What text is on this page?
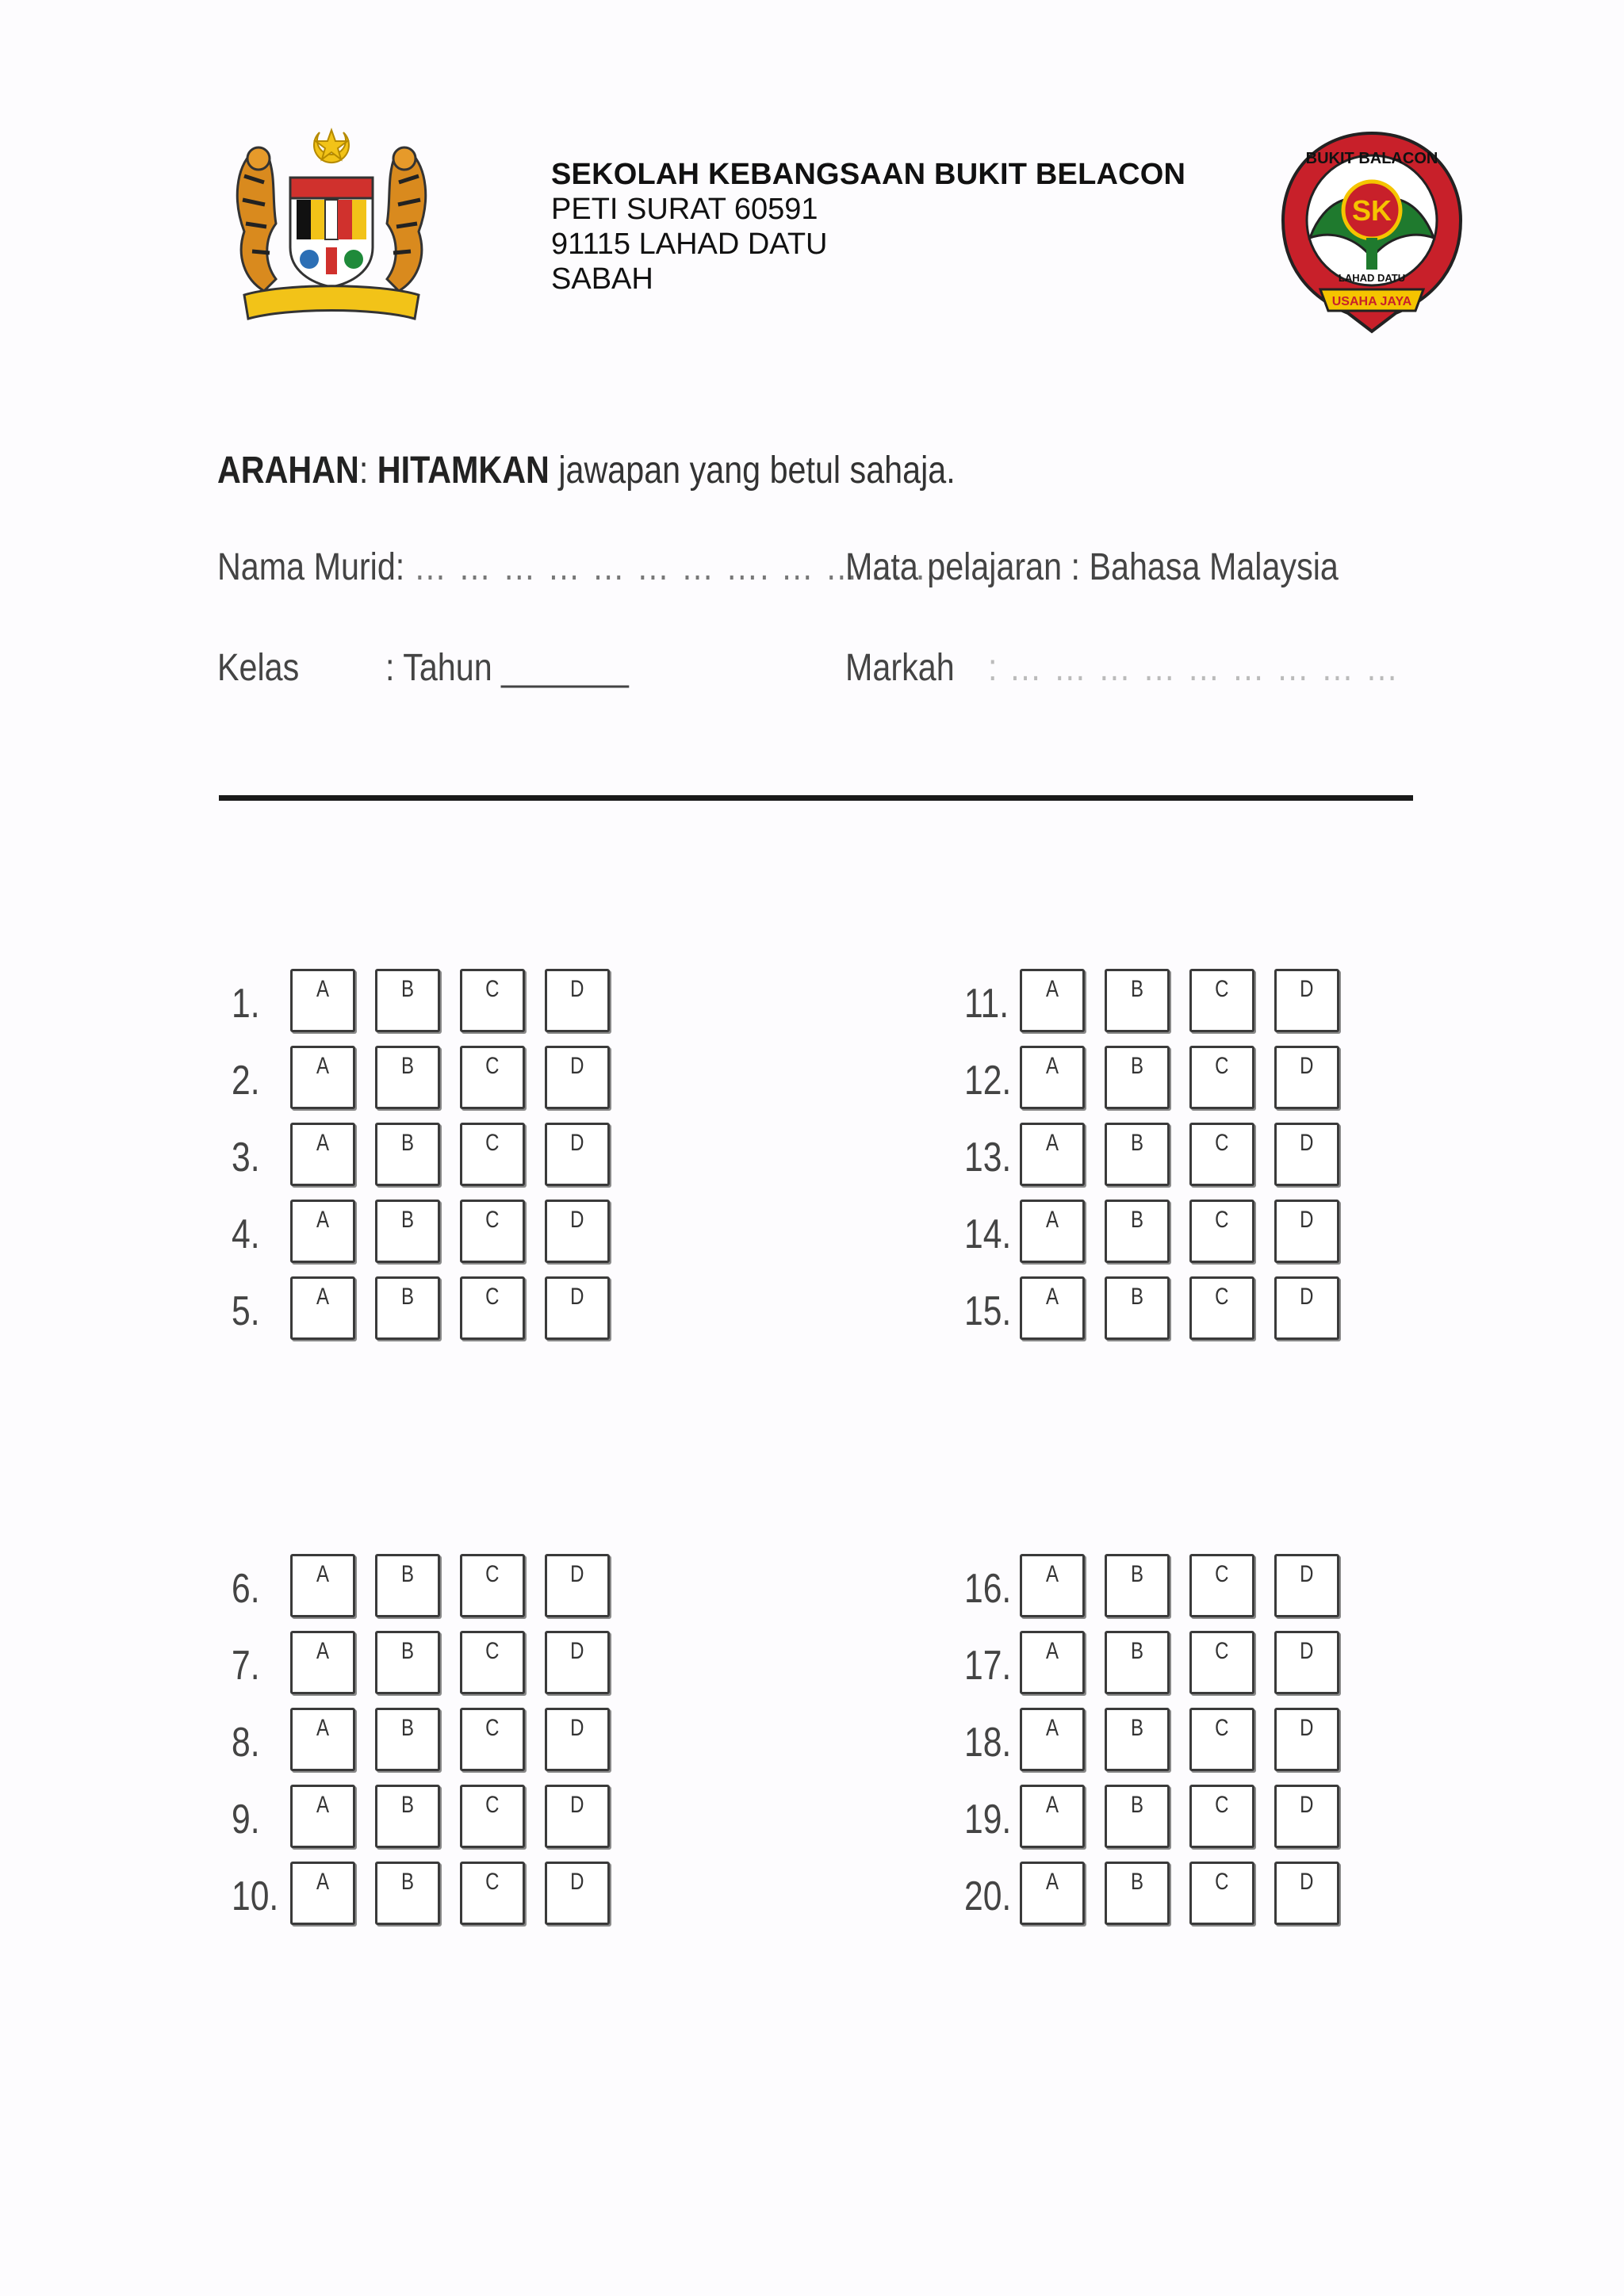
SEKOLAH KEBANGSAAN BUKIT BELACON
PETI SURAT 60591
91115 LAHAD DATU
SABAH
SK
BUKIT BALACON
LAHAD DATU
USAHA JAYA
ARAHAN: HITAMKAN jawapan yang betul sahaja.
Nama Murid: … … … … … … … …. … … … …
Mata pelajaran : Bahasa Malaysia
Kelas : Tahun _______	Markah : … … … … … … … … …
1. A	B	C	D
2. A	B	C	D
3. A	B	C	D
4. A	B	C	D
5. A	B	C	D
11. A	B	C	D
12. A	B	C	D
13. A	B	C	D
14. A	B	C	D
15. A	B	C	D
6. A	B	C	D
7. A	B	C	D
8. A	B	C	D
9. A	B	C	D
10. A	B	C	D
16. A	B	C	D
17. A	B	C	D
18. A	B	C	D
19. A	B	C	D
20. A	B	C	D
